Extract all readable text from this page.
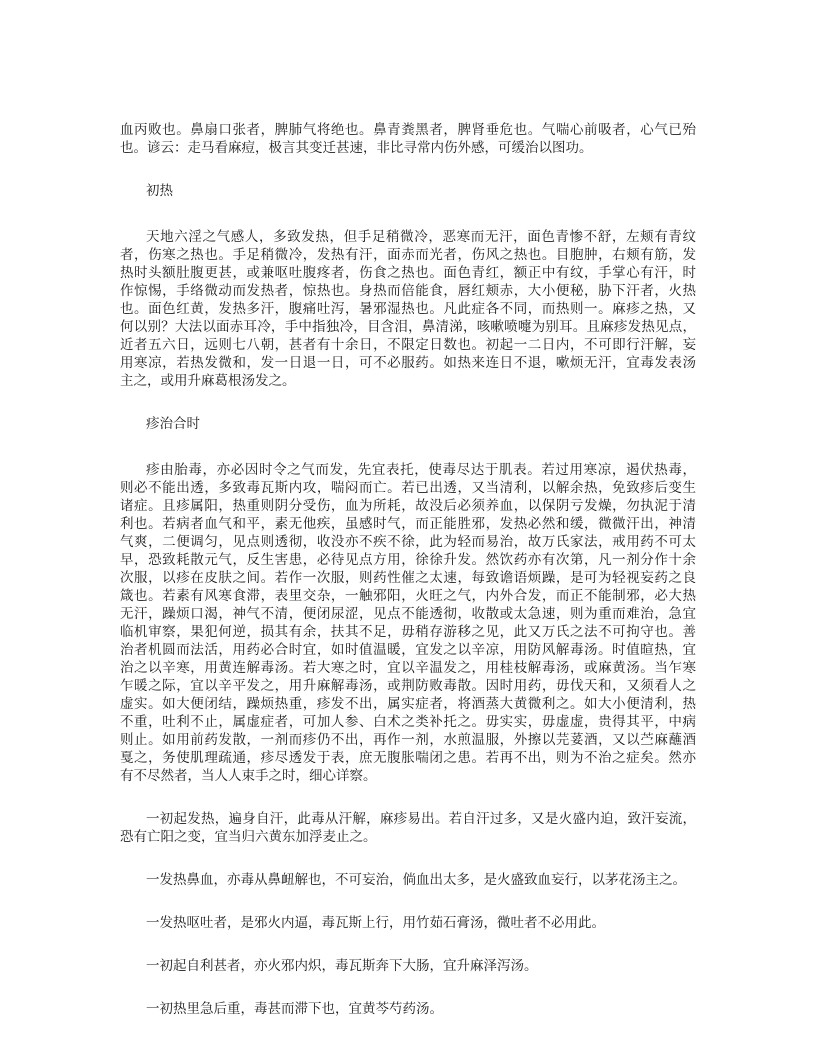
血丙败也。鼻扇口张者，脾肺气将绝也。鼻青粪黑者，脾肾垂危也。气喘心前吸者，心气已殆
也。谚云：走马看麻痘，极言其变迁甚速，非比寻常内伤外感，可缓治以图功。
初热
天地六淫之气感人，多致发热，但手足稍微冷，恶寒而无汗，面色青惨不舒，左颊有青纹
者，伤寒之热也。手足稍微冷，发热有汗，面赤而光者，伤风之热也。目胞肿，右颊有筋，发
热时头额肚腹更甚，或兼呕吐腹疼者，伤食之热也。面色青红，额正中有纹，手掌心有汗，时
作惊惕，手络微动而发热者，惊热也。身热而倍能食，唇红颊赤，大小便秘，胁下汗者，火热
也。面色红黄，发热多汗，腹痛吐泻，暑邪湿热也。凡此症各不同，而热则一。麻疹之热，又
何以别？大法以面赤耳冷，手中指独冷，目含泪，鼻清涕，咳嗽喷嚏为别耳。且麻疹发热见点，
近者五六日，远则七八朝，甚者有十余日，不限定日数也。初起一二日内，不可即行汗解，妄
用寒凉，若热发微和，发一日退一日，可不必服药。如热来连日不退，嗽烦无汗，宜毒发表汤
主之，或用升麻葛根汤发之。
疹治合时
疹由胎毒，亦必因时令之气而发，先宜表托，使毒尽达于肌表。若过用寒凉，遏伏热毒，
则必不能出透，多致毒瓦斯内攻，喘闷而亡。若已出透，又当清利，以解余热，免致疹后变生
诸症。且疹属阳，热重则阴分受伤，血为所耗，故没后必须养血，以保阴亏发燥，勿执泥于清
利也。若病者血气和平，素无他疾，虽感时气，而正能胜邪，发热必然和缓，微微汗出，神清
气爽，二便调匀，见点则透彻，收没亦不疾不徐，此为轻而易治，故万氏家法，戒用药不可太
早，恐致耗散元气，反生害患，必待见点方用，徐徐升发。然饮药亦有次第，凡一剂分作十余
次服，以疹在皮肤之间。若作一次服，则药性催之太速，每致谵语烦躁，是可为轻视妄药之良
箴也。若素有风寒食滞，表里交杂，一触邪阳，火旺之气，内外合发，而正不能制邪，必大热
无汗，躁烦口渴，神气不清，便闭尿涩，见点不能透彻，收散或太急速，则为重而难治，急宜
临机审察，果犯何逆，损其有余，扶其不足，毋稍存游移之见，此又万氏之法不可拘守也。善
治者机圆而法活，用药必合时宜，如时值温暖，宜发之以辛凉，用防风解毒汤。时值暄热，宜
治之以辛寒，用黄连解毒汤。若大寒之时，宜以辛温发之，用桂枝解毒汤，或麻黄汤。当乍寒
乍暖之际，宜以辛平发之，用升麻解毒汤，或荆防败毒散。因时用药，毋伐天和，又须看人之
虚实。如大便闭结，躁烦热重，疹发不出，属实症者，将酒蒸大黄微利之。如大小便清利，热
不重，吐利不止，属虚症者，可加人参、白术之类补托之。毋实实，毋虚虚，贵得其平，中病
则止。如用前药发散，一剂而疹仍不出，再作一剂，水煎温服，外擦以芫荽酒，又以苎麻蘸酒
戛之，务使肌理疏通，疹尽透发于表，庶无腹胀喘闭之患。若再不出，则为不治之症矣。然亦
有不尽然者，当人人束手之时，细心详察。
一初起发热，遍身自汗，此毒从汗解，麻疹易出。若自汗过多，又是火盛内迫，致汗妄流，
恐有亡阳之变，宜当归六黄东加浮麦止之。
一发热鼻血，亦毒从鼻衄解也，不可妄治，倘血出太多，是火盛致血妄行，以茅花汤主之。
一发热呕吐者，是邪火内逼，毒瓦斯上行，用竹茹石膏汤，微吐者不必用此。
一初起自利甚者，亦火邪内炽，毒瓦斯奔下大肠，宜升麻泽泻汤。
一初热里急后重，毒甚而滞下也，宜黄芩芍药汤。
